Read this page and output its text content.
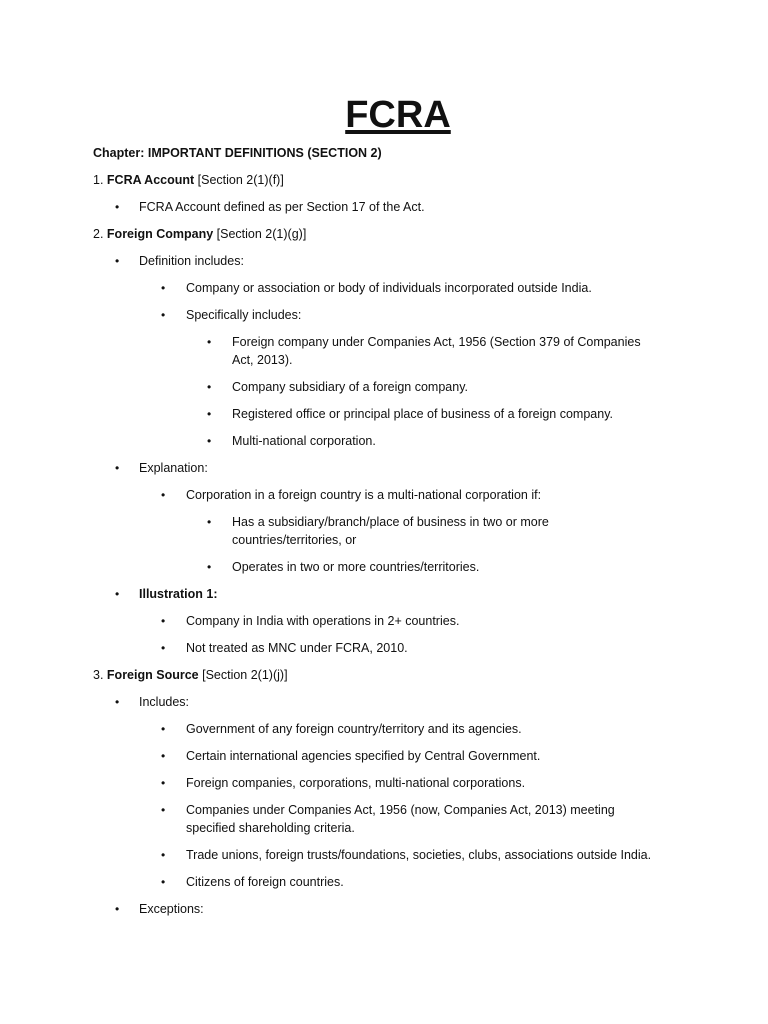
FCRA
Chapter: IMPORTANT DEFINITIONS (SECTION 2)
1. FCRA Account [Section 2(1)(f)]
• FCRA Account defined as per Section 17 of the Act.
2. Foreign Company [Section 2(1)(g)]
• Definition includes:
• Company or association or body of individuals incorporated outside India.
• Specifically includes:
• Foreign company under Companies Act, 1956 (Section 379 of Companies Act, 2013).
• Company subsidiary of a foreign company.
• Registered office or principal place of business of a foreign company.
• Multi-national corporation.
• Explanation:
• Corporation in a foreign country is a multi-national corporation if:
• Has a subsidiary/branch/place of business in two or more countries/territories, or
• Operates in two or more countries/territories.
• Illustration 1:
• Company in India with operations in 2+ countries.
• Not treated as MNC under FCRA, 2010.
3. Foreign Source [Section 2(1)(j)]
• Includes:
• Government of any foreign country/territory and its agencies.
• Certain international agencies specified by Central Government.
• Foreign companies, corporations, multi-national corporations.
• Companies under Companies Act, 1956 (now, Companies Act, 2013) meeting specified shareholding criteria.
• Trade unions, foreign trusts/foundations, societies, clubs, associations outside India.
• Citizens of foreign countries.
• Exceptions:
